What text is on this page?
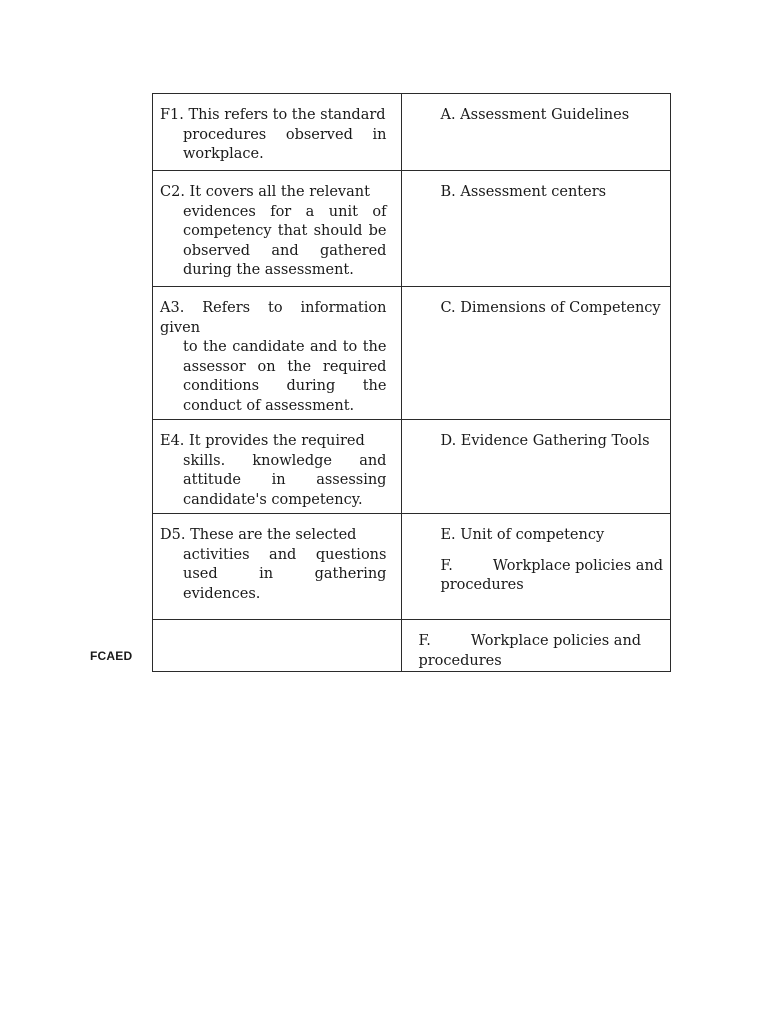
F1. This refers to the standard
procedures observed in workplace.	A. Assessment Guidelines

C2. It covers all the relevant
evidences for a unit of competency that should be observed and gathered during the assessment.	B. Assessment centers

A3. Refers to information given
to the candidate and to the assessor on the required conditions during the conduct of assessment.	C. Dimensions of Competency

E4. It provides the required
skills. knowledge and attitude in assessing candidate's competency.	D. Evidence Gathering Tools

D5. These are the selected
activities and questions used in gathering evidences.	E. Unit of competency
F. Workplace policies and procedures

	F. Workplace policies and procedures
FCAED
